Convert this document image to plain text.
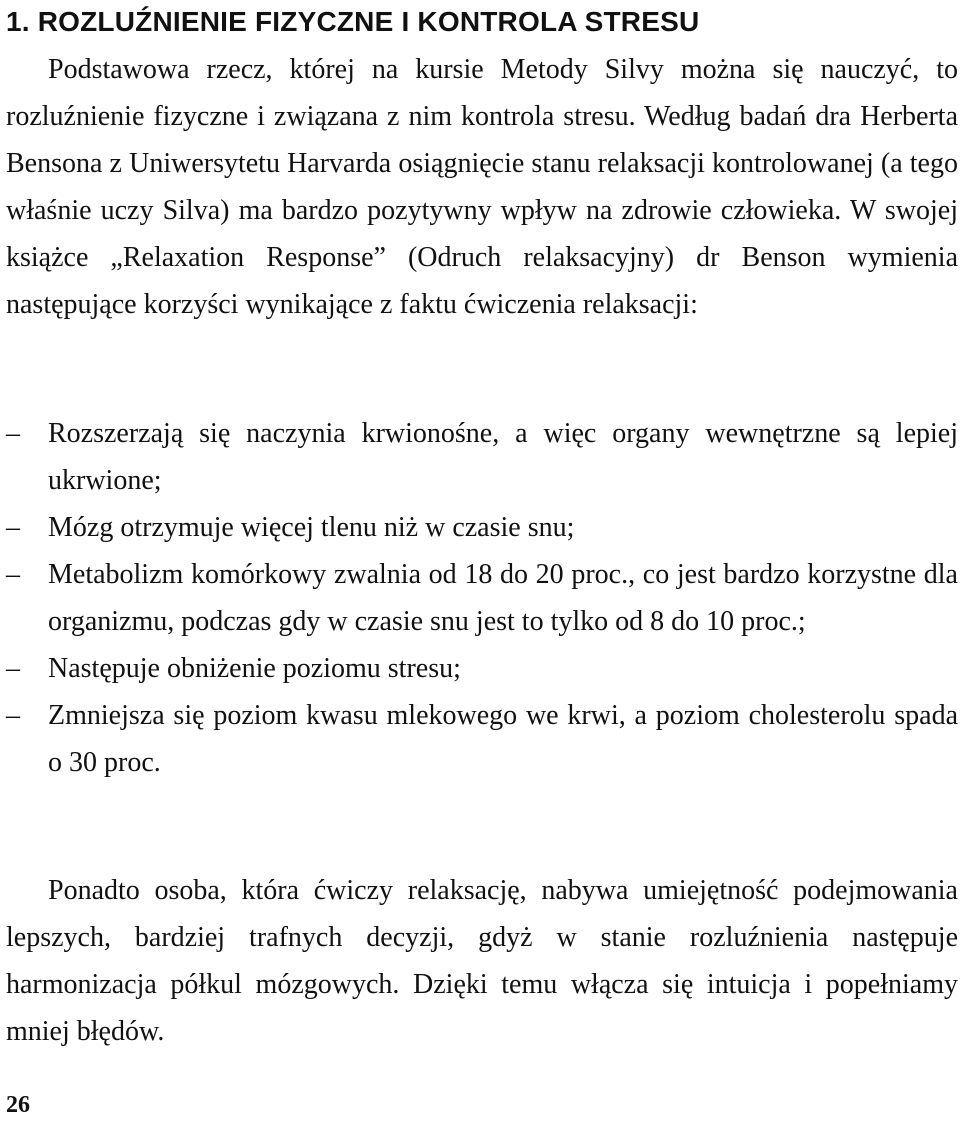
1. ROZLUŹNIENIE FIZYCZNE I KONTROLA STRESU

Podstawowa rzecz, której na kursie Metody Silvy można się nauczyć, to rozluźnienie fizyczne i związana z nim kontrola stresu. Według badań dra Herberta Bensona z Uniwersytetu Harvarda osiągnięcie stanu relaksacji kontrolowanej (a tego właśnie uczy Silva) ma bardzo pozytywny wpływ na zdrowie człowieka. W swojej książce „Relaxation Response” (Odruch relaksacyjny) dr Benson wymienia następujące korzyści wynikające z faktu ćwiczenia relaksacji:

–	Rozszerzają się naczynia krwionośne, a więc organy wewnętrzne są lepiej ukrwione;
–	Mózg otrzymuje więcej tlenu niż w czasie snu;
–	Metabolizm komórkowy zwalnia od 18 do 20 proc., co jest bardzo korzystne dla organizmu, podczas gdy w czasie snu jest to tylko od 8 do 10 proc.;
–	Następuje obniżenie poziomu stresu;
–	Zmniejsza się poziom kwasu mlekowego we krwi, a poziom cholesterolu spada o 30 proc.

Ponadto osoba, która ćwiczy relaksację, nabywa umiejętność podejmowania lepszych, bardziej trafnych decyzji, gdyż w stanie rozluźnienia następuje harmonizacja półkul mózgowych. Dzięki temu włącza się intuicja i popełniamy mniej błędów.

26
